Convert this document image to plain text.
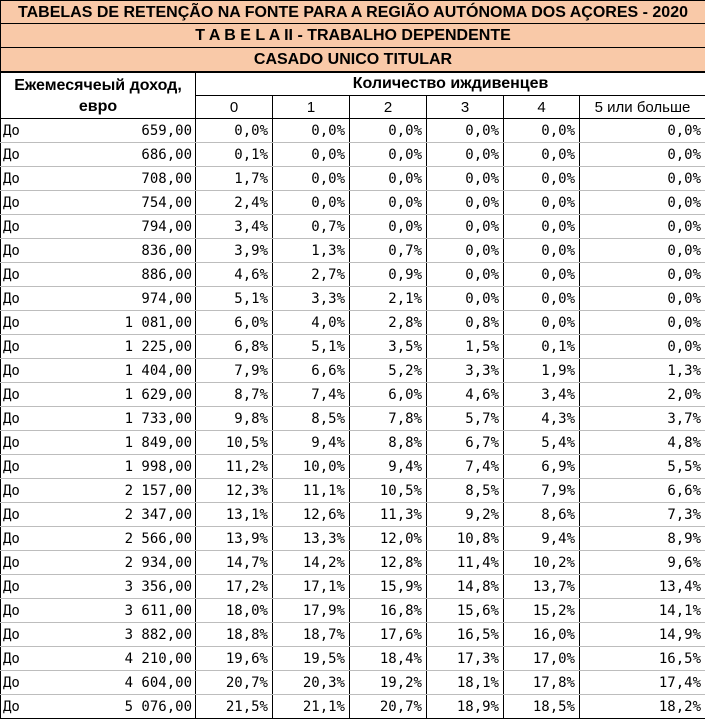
TABELAS DE RETENÇÃO NA FONTE PARA A REGIÃO AUTÓNOMA DOS AÇORES - 2020
T A B E L A II - TRABALHO DEPENDENTE
CASADO UNICO TITULAR
Ежемесячеый доход,
евро	Количество иждивенцев					
	0	1	2	3	4	5 или больше

До 659,00	0,0%	0,0%	0,0%	0,0%	0,0%	0,0%

До 686,00	0,1%	0,0%	0,0%	0,0%	0,0%	0,0%

До 708,00	1,7%	0,0%	0,0%	0,0%	0,0%	0,0%

До 754,00	2,4%	0,0%	0,0%	0,0%	0,0%	0,0%

До 794,00	3,4%	0,7%	0,0%	0,0%	0,0%	0,0%

До 836,00	3,9%	1,3%	0,7%	0,0%	0,0%	0,0%

До 886,00	4,6%	2,7%	0,9%	0,0%	0,0%	0,0%

До 974,00	5,1%	3,3%	2,1%	0,0%	0,0%	0,0%

До 1 081,00	6,0%	4,0%	2,8%	0,8%	0,0%	0,0%

До 1 225,00	6,8%	5,1%	3,5%	1,5%	0,1%	0,0%

До 1 404,00	7,9%	6,6%	5,2%	3,3%	1,9%	1,3%

До 1 629,00	8,7%	7,4%	6,0%	4,6%	3,4%	2,0%

До 1 733,00	9,8%	8,5%	7,8%	5,7%	4,3%	3,7%

До 1 849,00	10,5%	9,4%	8,8%	6,7%	5,4%	4,8%

До 1 998,00	11,2%	10,0%	9,4%	7,4%	6,9%	5,5%

До 2 157,00	12,3%	11,1%	10,5%	8,5%	7,9%	6,6%

До 2 347,00	13,1%	12,6%	11,3%	9,2%	8,6%	7,3%

До 2 566,00	13,9%	13,3%	12,0%	10,8%	9,4%	8,9%

До 2 934,00	14,7%	14,2%	12,8%	11,4%	10,2%	9,6%

До 3 356,00	17,2%	17,1%	15,9%	14,8%	13,7%	13,4%

До 3 611,00	18,0%	17,9%	16,8%	15,6%	15,2%	14,1%

До 3 882,00	18,8%	18,7%	17,6%	16,5%	16,0%	14,9%

До 4 210,00	19,6%	19,5%	18,4%	17,3%	17,0%	16,5%

До 4 604,00	20,7%	20,3%	19,2%	18,1%	17,8%	17,4%

До 5 076,00	21,5%	21,1%	20,7%	18,9%	18,5%	18,2%
